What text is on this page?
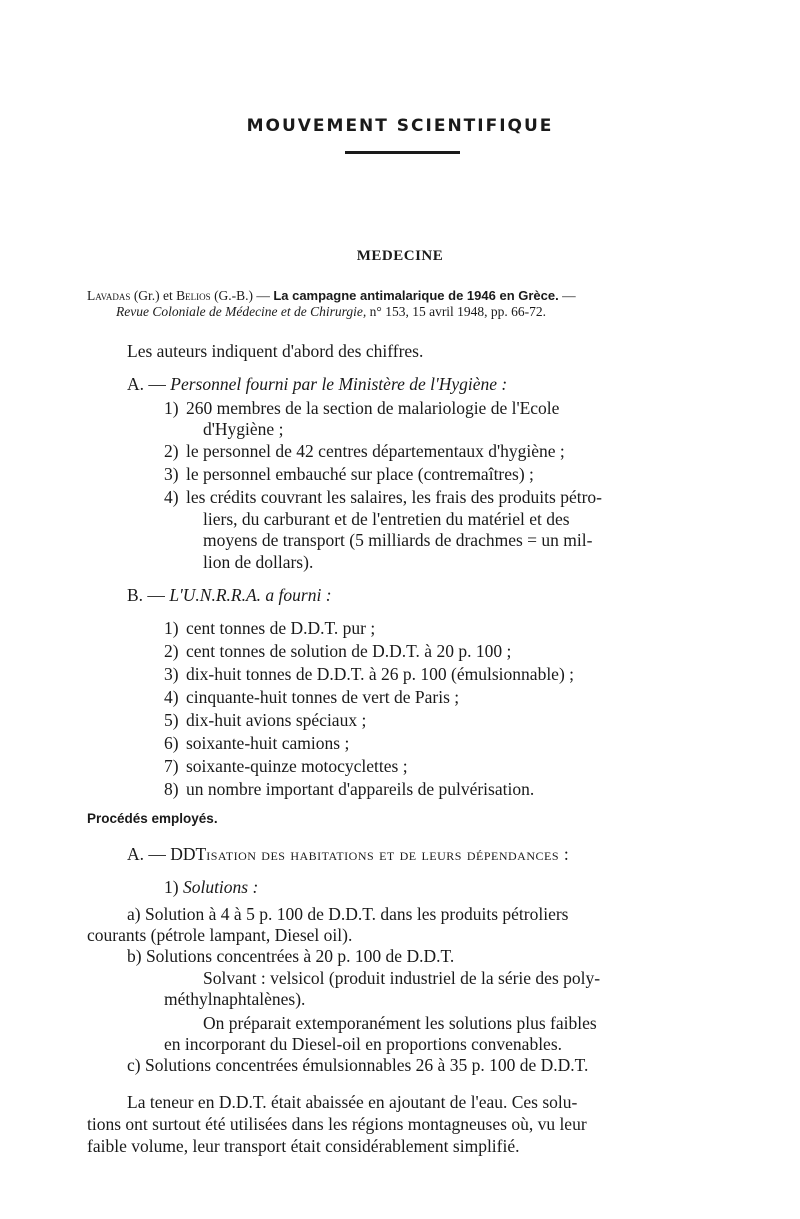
MOUVEMENT SCIENTIFIQUE
MEDECINE
Lavadas (Gr.) et Belios (G.-B.) — La campagne antimalarique de 1946 en Grèce. —
Revue Coloniale de Médecine et de Chirurgie, n° 153, 15 avril 1948, pp. 66-72.
Les auteurs indiquent d'abord des chiffres.
A. — Personnel fourni par le Ministère de l'Hygiène :
1) 260 membres de la section de malariologie de l'Ecole
d'Hygiène ;
2) le personnel de 42 centres départementaux d'hygiène ;
3) le personnel embauché sur place (contremaîtres) ;
4) les crédits couvrant les salaires, les frais des produits pétro-
liers, du carburant et de l'entretien du matériel et des
moyens de transport (5 milliards de drachmes = un mil-
lion de dollars).
B. — L'U.N.R.R.A. a fourni :
1) cent tonnes de D.D.T. pur ;
2) cent tonnes de solution de D.D.T. à 20 p. 100 ;
3) dix-huit tonnes de D.D.T. à 26 p. 100 (émulsionnable) ;
4) cinquante-huit tonnes de vert de Paris ;
5) dix-huit avions spéciaux ;
6) soixante-huit camions ;
7) soixante-quinze motocyclettes ;
8) un nombre important d'appareils de pulvérisation.
Procédés employés.
A. — DDTisation des habitations et de leurs dépendances :
1) Solutions :
a) Solution à 4 à 5 p. 100 de D.D.T. dans les produits pétroliers
courants (pétrole lampant, Diesel oil).
b) Solutions concentrées à 20 p. 100 de D.D.T.
Solvant : velsicol (produit industriel de la série des poly-
méthylnaphtalènes).
On préparait extemporanément les solutions plus faibles
en incorporant du Diesel-oil en proportions convenables.
c) Solutions concentrées émulsionnables 26 à 35 p. 100 de D.D.T.
La teneur en D.D.T. était abaissée en ajoutant de l'eau. Ces solu-
tions ont surtout été utilisées dans les régions montagneuses où, vu leur
faible volume, leur transport était considérablement simplifié.
